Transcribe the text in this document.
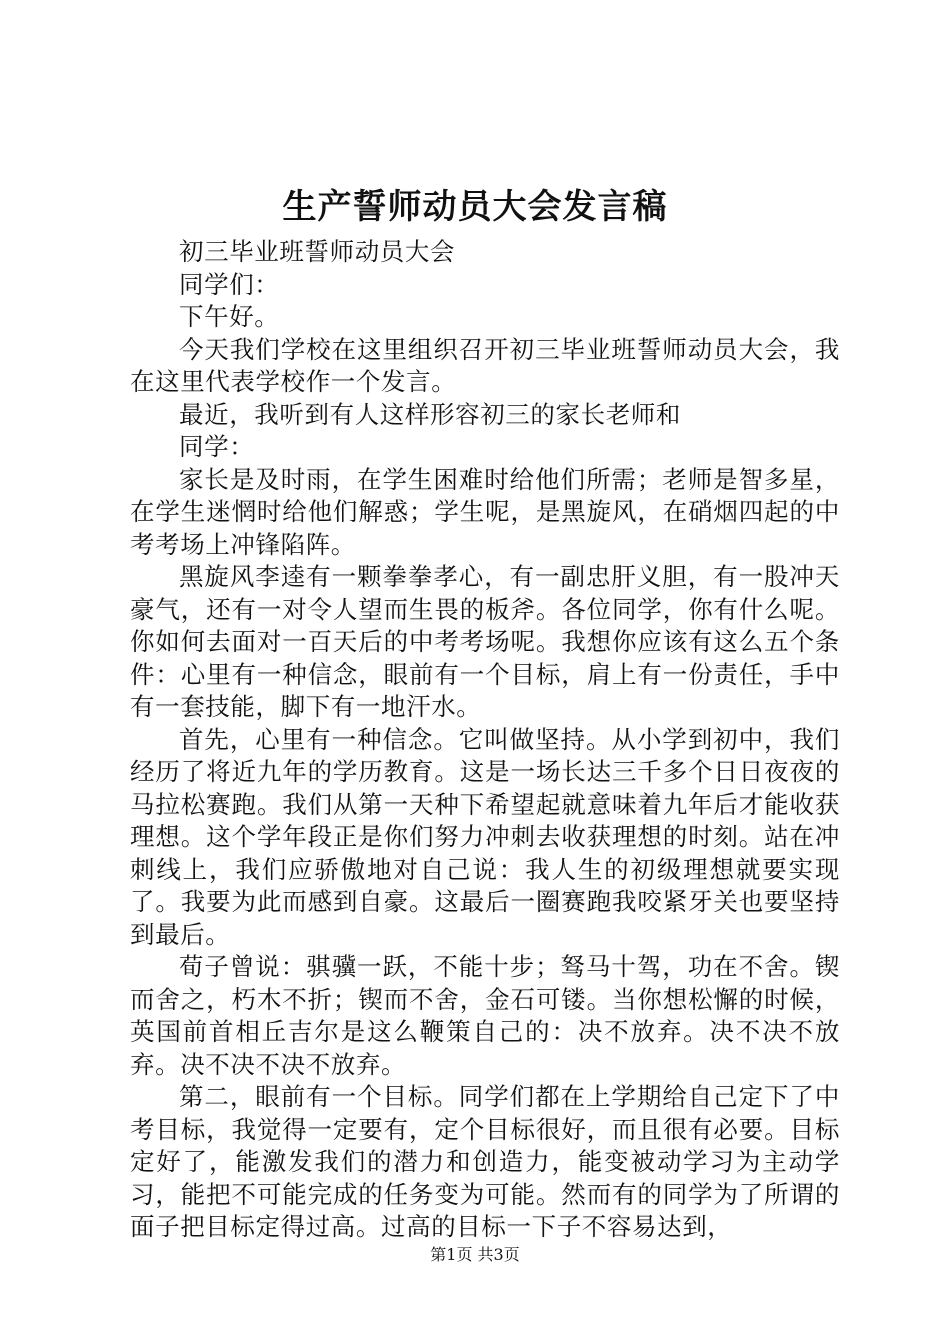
生产誓师动员大会发言稿

初三毕业班誓师动员大会

同学们：

下午好。

今天我们学校在这里组织召开初三毕业班誓师动员大会，我在这里代表学校作一个发言。

最近，我听到有人这样形容初三的家长老师和

同学：

家长是及时雨，在学生困难时给他们所需；老师是智多星，在学生迷惘时给他们解惑；学生呢，是黑旋风，在硝烟四起的中考考场上冲锋陷阵。

黑旋风李逵有一颗拳拳孝心，有一副忠肝义胆，有一股冲天豪气，还有一对令人望而生畏的板斧。各位同学，你有什么呢。你如何去面对一百天后的中考考场呢。我想你应该有这么五个条件：心里有一种信念，眼前有一个目标，肩上有一份责任，手中有一套技能，脚下有一地汗水。

首先，心里有一种信念。它叫做坚持。从小学到初中，我们经历了将近九年的学历教育。这是一场长达三千多个日日夜夜的马拉松赛跑。我们从第一天种下希望起就意味着九年后才能收获理想。这个学年段正是你们努力冲刺去收获理想的时刻。站在冲刺线上，我们应骄傲地对自己说：我人生的初级理想就要实现了。我要为此而感到自豪。这最后一圈赛跑我咬紧牙关也要坚持到最后。

荀子曾说：骐骥一跃，不能十步；驽马十驾，功在不舍。锲而舍之，朽木不折；锲而不舍，金石可镂。当你想松懈的时候，英国前首相丘吉尔是这么鞭策自己的：决不放弃。决不决不放弃。决不决不决不放弃。

第二，眼前有一个目标。同学们都在上学期给自己定下了中考目标，我觉得一定要有，定个目标很好，而且很有必要。目标定好了，能激发我们的潜力和创造力，能变被动学习为主动学习，能把不可能完成的任务变为可能。然而有的同学为了所谓的面子把目标定得过高。过高的目标一下子不容易达到，

第1页 共3页
